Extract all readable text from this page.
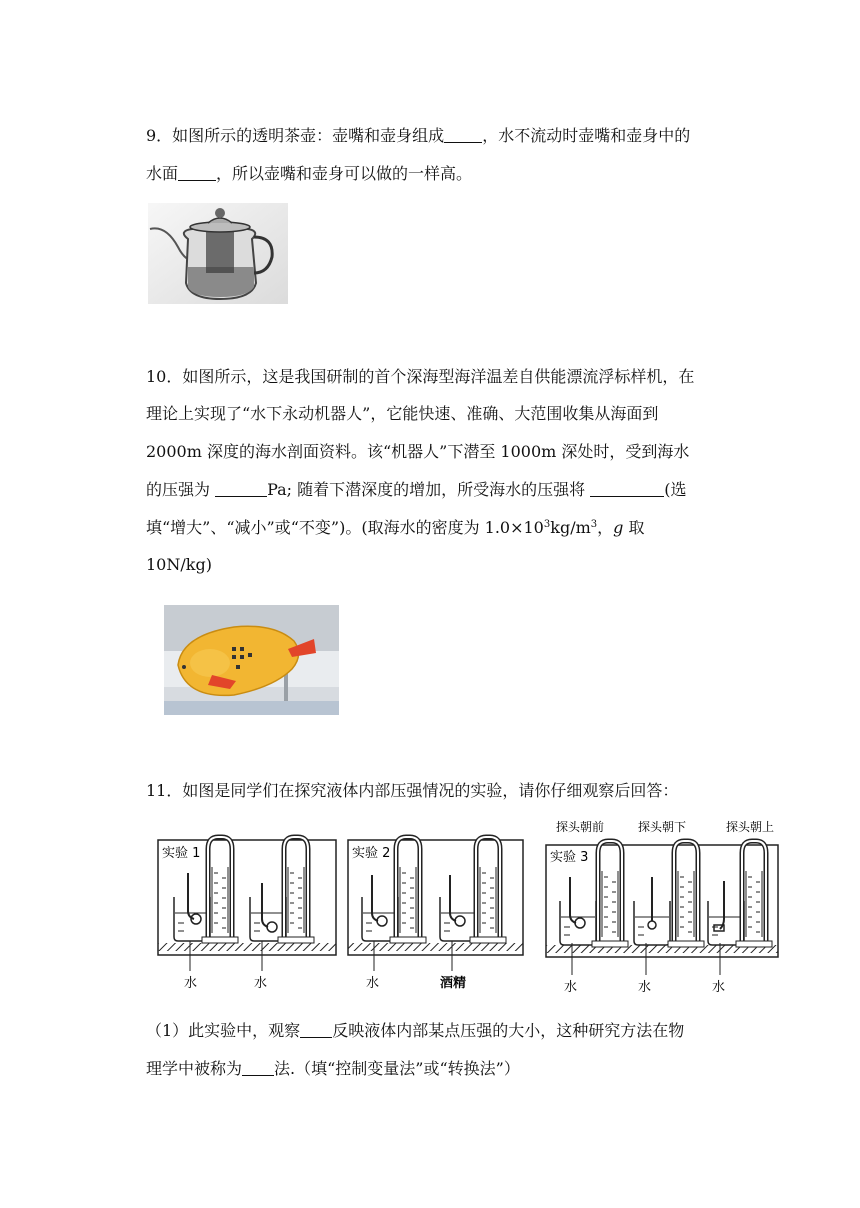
9．如图所示的透明茶壶：壶嘴和壶身组成 ，水不流动时壶嘴和壶身中的
水面 ，所以壶嘴和壶身可以做的一样高。
10．如图所示，这是我国研制的首个深海型海洋温差自供能漂流浮标样机，在
理论上实现了“水下永动机器人”，它能快速、准确、大范围收集从海面到
2000m 深度的海水剖面资料。该“机器人”下潜至 1000m 深处时，受到海水
的压强为	Pa; 随着下潜深度的增加，所受海水的压强将	(选
填“增大”、“减小”或“不变”)。(取海水的密度为 $1.0\times 10^3kg/m^3$，g 取
10N/kg)
11．如图是同学们在探究液体内部压强情况的实验，请你仔细观察后回答：
实验 1	实验 2	实验 3
探头朝前	探头朝下	探头朝上
水	水	水	酒精	水	水	水
（1）此实验中，观察 反映液体内部某点压强的大小，这种研究方法在物
理学中被称为 法.（填“控制变量法”或“转换法”）
